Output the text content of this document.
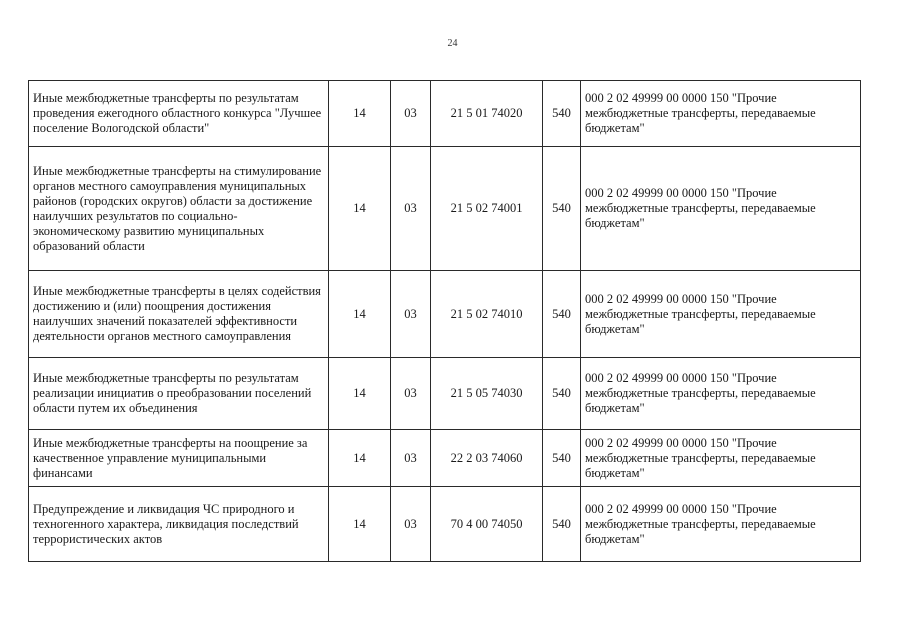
24
Иные межбюджетные трансферты по результатам проведения ежегодного областного конкурса "Лучшее поселение Вологодской области"	14	03	21 5 01 74020	540	000 2 02 49999 00 0000 150 "Прочие межбюджетные трансферты, передаваемые бюджетам"

Иные межбюджетные трансферты на стимулирование органов местного самоуправления муниципальных районов (городских округов) области за достижение наилучших результатов по социально-экономическому развитию муниципальных образований области	14	03	21 5 02 74001	540	000 2 02 49999 00 0000 150 "Прочие межбюджетные трансферты, передаваемые бюджетам"

Иные межбюджетные трансферты в целях содействия достижению и (или) поощрения достижения наилучших значений показателей эффективности деятельности органов местного самоуправления	14	03	21 5 02 74010	540	000 2 02 49999 00 0000 150 "Прочие межбюджетные трансферты, передаваемые бюджетам"

Иные межбюджетные трансферты по результатам реализации инициатив о преобразовании поселений области путем их объединения	14	03	21 5 05 74030	540	000 2 02 49999 00 0000 150 "Прочие межбюджетные трансферты, передаваемые бюджетам"

Иные межбюджетные трансферты на поощрение за качественное управление муниципальными финансами	14	03	22 2 03 74060	540	000 2 02 49999 00 0000 150 "Прочие межбюджетные трансферты, передаваемые бюджетам"

Предупреждение и ликвидация ЧС природного и техногенного характера, ликвидация последствий террористических актов	14	03	70 4 00 74050	540	000 2 02 49999 00 0000 150 "Прочие межбюджетные трансферты, передаваемые бюджетам"
